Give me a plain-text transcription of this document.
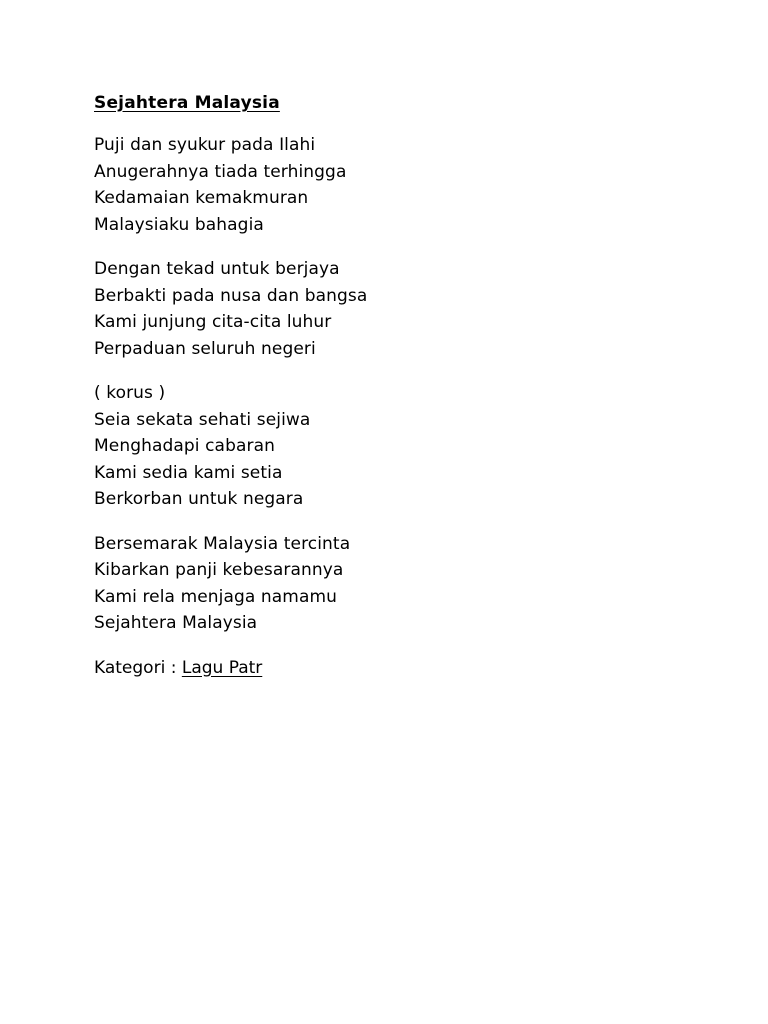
Sejahtera Malaysia
Puji dan syukur pada Ilahi
Anugerahnya tiada terhingga
Kedamaian kemakmuran
Malaysiaku bahagia
Dengan tekad untuk berjaya
Berbakti pada nusa dan bangsa
Kami junjung cita-cita luhur
Perpaduan seluruh negeri
( korus )
Seia sekata sehati sejiwa
Menghadapi cabaran
Kami sedia kami setia
Berkorban untuk negara
Bersemarak Malaysia tercinta
Kibarkan panji kebesarannya
Kami rela menjaga namamu
Sejahtera Malaysia
Kategori : Lagu Patr
